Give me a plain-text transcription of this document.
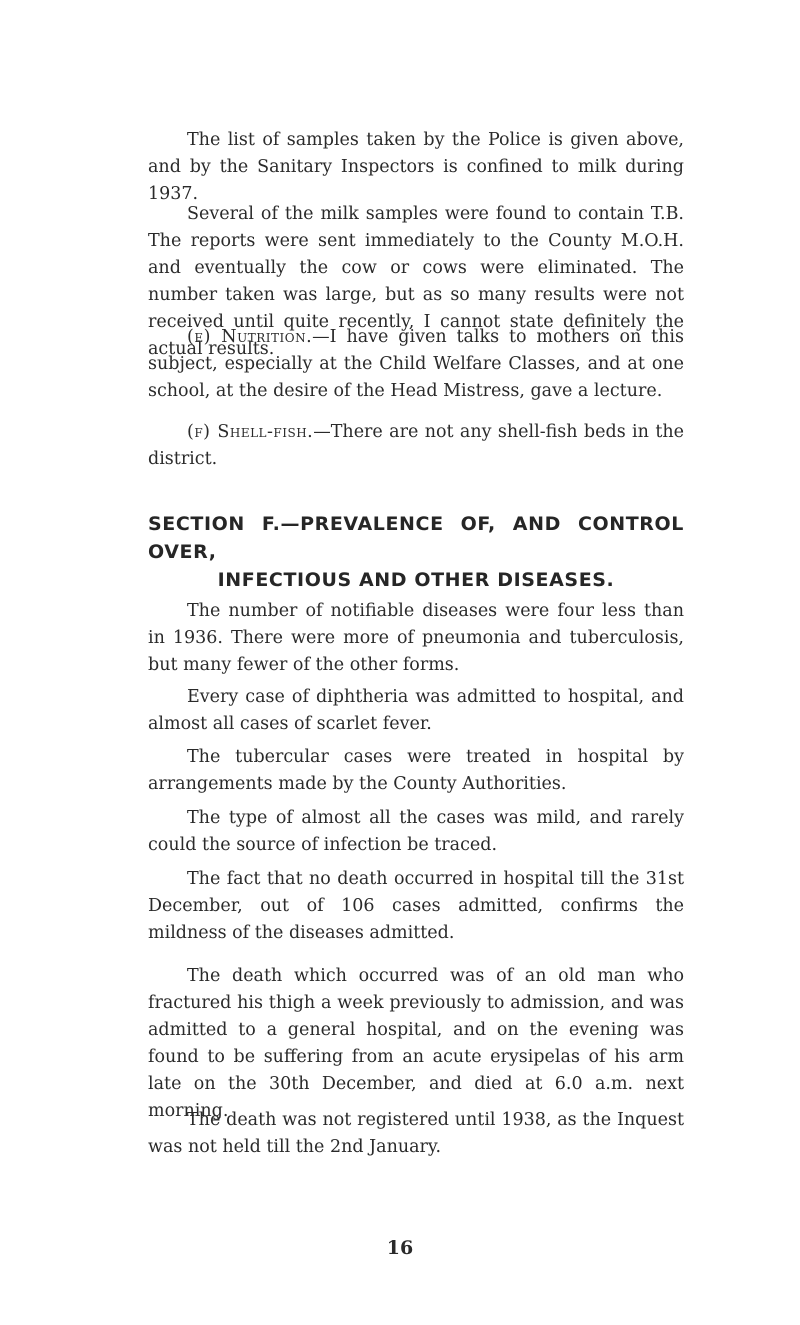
The list of samples taken by the Police is given above, and by the Sanitary Inspectors is confined to milk during 1937.

Several of the milk samples were found to contain T.B. The reports were sent immediately to the County M.O.H. and eventually the cow or cows were eliminated. The number taken was large, but as so many results were not received until quite recently, I cannot state definitely the actual results.

(e) Nutrition.—I have given talks to mothers on this subject, especially at the Child Welfare Classes, and at one school, at the desire of the Head Mistress, gave a lecture.

(f) Shell-fish.—There are not any shell-fish beds in the district.

SECTION F.—PREVALENCE OF, AND CONTROL OVER,
INFECTIOUS AND OTHER DISEASES.

The number of notifiable diseases were four less than in 1936. There were more of pneumonia and tuberculosis, but many fewer of the other forms.

Every case of diphtheria was admitted to hospital, and almost all cases of scarlet fever.

The tubercular cases were treated in hospital by arrangements made by the County Authorities.

The type of almost all the cases was mild, and rarely could the source of infection be traced.

The fact that no death occurred in hospital till the 31st December, out of 106 cases admitted, confirms the mildness of the diseases admitted.

The death which occurred was of an old man who fractured his thigh a week previously to admission, and was admitted to a general hospital, and on the evening was found to be suffering from an acute erysipelas of his arm late on the 30th December, and died at 6.0 a.m. next morning.

The death was not registered until 1938, as the Inquest was not held till the 2nd January.

16
